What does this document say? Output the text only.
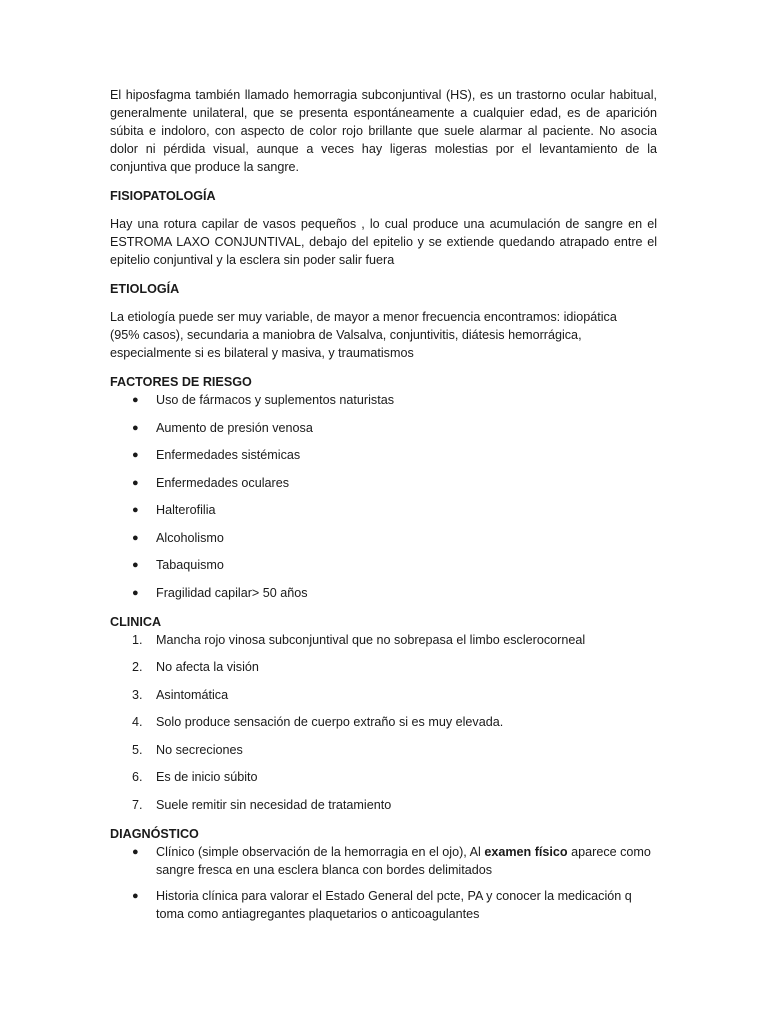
El hiposfagma también llamado hemorragia subconjuntival (HS), es un trastorno ocular habitual, generalmente unilateral, que se presenta espontáneamente a cualquier edad, es de aparición súbita e indoloro, con aspecto de color rojo brillante que suele alarmar al paciente. No asocia dolor ni pérdida visual, aunque a veces hay ligeras molestias por el levantamiento de la conjuntiva que produce la sangre.

FISIOPATOLOGÍA

Hay una rotura capilar de vasos pequeños , lo cual produce una acumulación de sangre en el ESTROMA LAXO CONJUNTIVAL, debajo del epitelio y se extiende quedando atrapado entre el epitelio conjuntival y la esclera sin poder salir fuera

ETIOLOGÍA

La etiología puede ser muy variable, de mayor a menor frecuencia encontramos: idiopática
(95% casos), secundaria a maniobra de Valsalva, conjuntivitis, diátesis hemorrágica,
especialmente si es bilateral y masiva, y traumatismos

FACTORES DE RIESGO

● Uso de fármacos y suplementos naturistas
● Aumento de presión venosa
● Enfermedades sistémicas
● Enfermedades oculares
● Halterofilia
● Alcoholismo
● Tabaquismo
● Fragilidad capilar> 50 años

CLINICA

1. Mancha rojo vinosa subconjuntival que no sobrepasa el limbo esclerocorneal
2. No afecta la visión
3. Asintomática
4. Solo produce sensación de cuerpo extraño si es muy elevada.
5. No secreciones
6. Es de inicio súbito
7. Suele remitir sin necesidad de tratamiento

DIAGNÓSTICO

● Clínico (simple observación de la hemorragia en el ojo), Al examen físico aparece como sangre fresca en una esclera blanca con bordes delimitados
● Historia clínica para valorar el Estado General del pcte, PA y conocer la medicación q toma como antiagregantes plaquetarios o anticoagulantes
